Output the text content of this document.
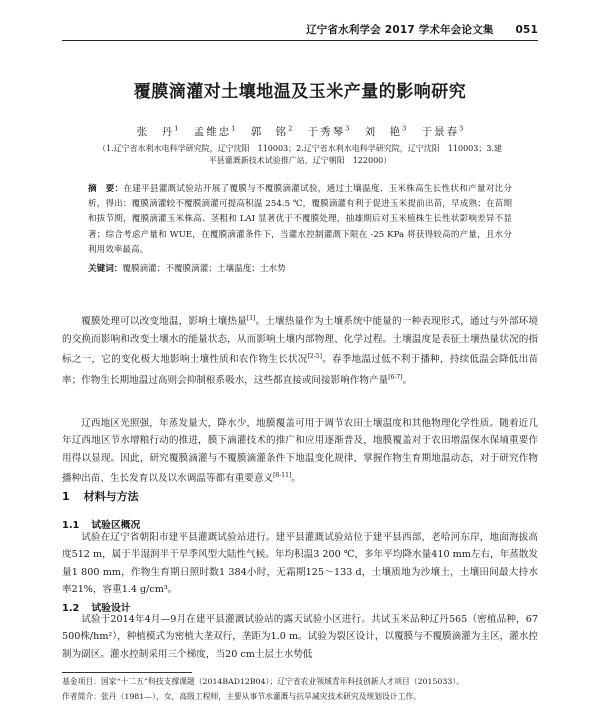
辽宁省水利学会 2017 学术年会论文集 051
覆膜滴灌对土壤地温及玉米产量的影响研究
张　丹$^1$ 孟维忠$^1$ 郭　铭$^2$ 于秀琴$^3$ 刘　艳$^3$ 于景春$^3$
（1.辽宁省水利水电科学研究院，辽宁沈阳　110003；2.辽宁省水利水电科学研究院，辽宁沈阳　110003；3.建平县灌溉新技术试验推广站，辽宁朝阳　122000）
摘　要：在建平县灌溉试验站开展了覆膜与不覆膜滴灌试验，通过土壤温度、玉米株高生长性状和产量对比分析，得出：覆膜滴灌较不覆膜滴灌可提高积温 254.5 ℃，覆膜滴灌有利于促进玉米提前出苗，早成熟；在苗期和拔节期，覆膜滴灌玉米株高、茎粗和 LAI 显著优于不覆膜处理，抽雄期后对玉米植株生长性状影响差异不显著；综合考虑产量和 WUE，在覆膜滴灌条件下，当灌水控制灌溉下限在 -25 KPa 将获得较高的产量，且水分利用效率最高。
关键词：覆膜滴灌；不覆膜滴灌；土壤温度；土水势

覆膜处理可以改变地温，影响土壤热量[1]。土壤热量作为土壤系统中能量的一种表现形式，通过与外部环境的交换而影响和改变土壤水的能量状态，从而影响土壤内部物理、化学过程。土壤温度是表征土壤热量状况的指标之一，它的变化极大地影响土壤性质和农作物生长状况[2-5]。春季地温过低不利于播种，持续低温会降低出苗率；作物生长期地温过高则会抑制根系吸水，这些都直接或间接影响作物产量[6-7]。

辽西地区光照强，年蒸发量大，降水少，地膜覆盖可用于调节农田土壤温度和其他物理化学性质。随着近几年辽西地区节水增粮行动的推进，膜下滴灌技术的推广和应用逐渐普及，地膜覆盖对于农田增温保水保墒重要作用得以显现。因此，研究覆膜滴灌与不覆膜滴灌条件下地温变化规律，掌握作物生育期地温动态，对于研究作物播种出苗、生长发育以及以水调温等都有重要意义[8-11]。

1 材料与方法
1.1 试验区概况

试验在辽宁省朝阳市建平县灌溉试验站进行。建平县灌溉试验站位于建平县西部，老哈河东岸，地面海拔高度512 m，属于半湿润半干旱季风型大陆性气候。年均积温3 200 ℃，多年平均降水量410 mm左右，年蒸散发量1 800 mm，作物生育期日照时数1 384小时，无霜期125～133 d，土壤质地为沙壤土，土壤田间最大持水率21%，容重1.4 g/cm³。

1.2 试验设计

试验于2014年4月—9月在建平县灌溉试验站的露天试验小区进行。共试玉米品种辽丹565（密植品种，67 500株/hm²），种植模式为密植大垄双行，垄距为1.0 m。试验为裂区设计，以覆膜与不覆膜滴灌为主区，灌水控制为副区。灌水控制采用三个梯度，当20 cm土层土水势低

基金项目：国家“十二五”科技支撑课题（2014BAD12B04）；辽宁省农业领域青年科技创新人才项目（2015033）。
作者简介：张丹（1981—），女，高级工程师，主要从事节水灌溉与抗旱减灾技术研究及规划设计工作。
